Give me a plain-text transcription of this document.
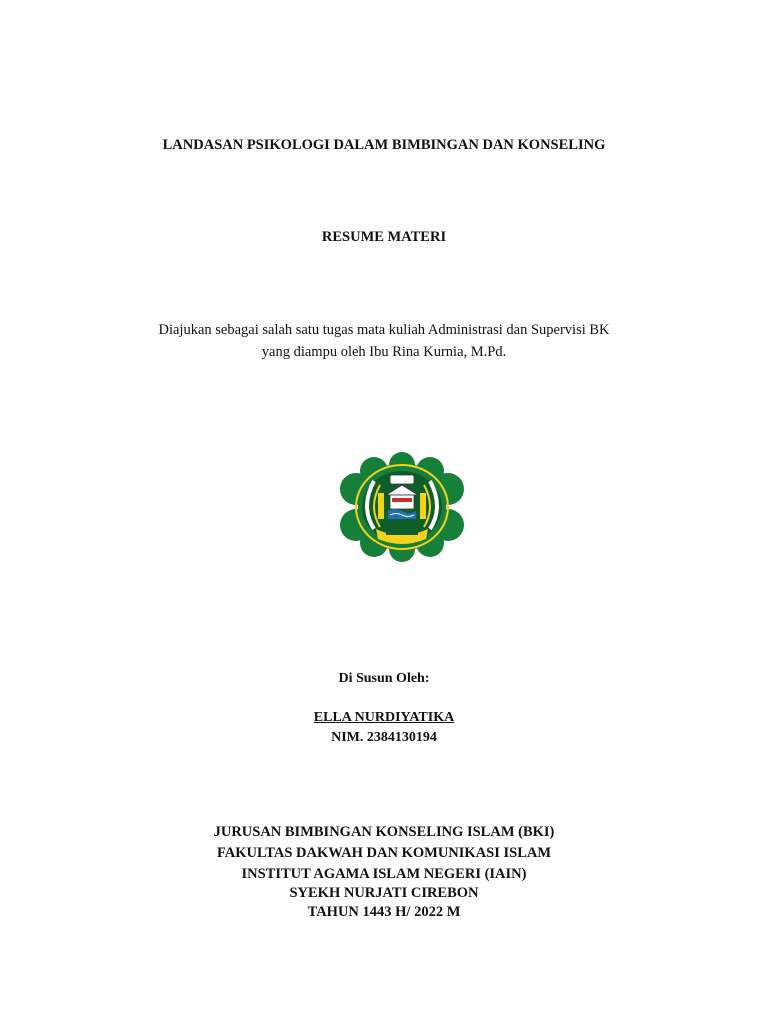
LANDASAN PSIKOLOGI DALAM BIMBINGAN DAN KONSELING
RESUME MATERI
Diajukan sebagai salah satu tugas mata kuliah Administrasi dan Supervisi BK
yang diampu oleh Ibu Rina Kurnia, M.Pd.
Di Susun Oleh:
ELLA NURDIYATIKA
NIM. 2384130194
JURUSAN BIMBINGAN KONSELING ISLAM (BKI)
FAKULTAS DAKWAH DAN KOMUNIKASI ISLAM
INSTITUT AGAMA ISLAM NEGERI (IAIN)
SYEKH NURJATI CIREBON
TAHUN 1443 H/ 2022 M
